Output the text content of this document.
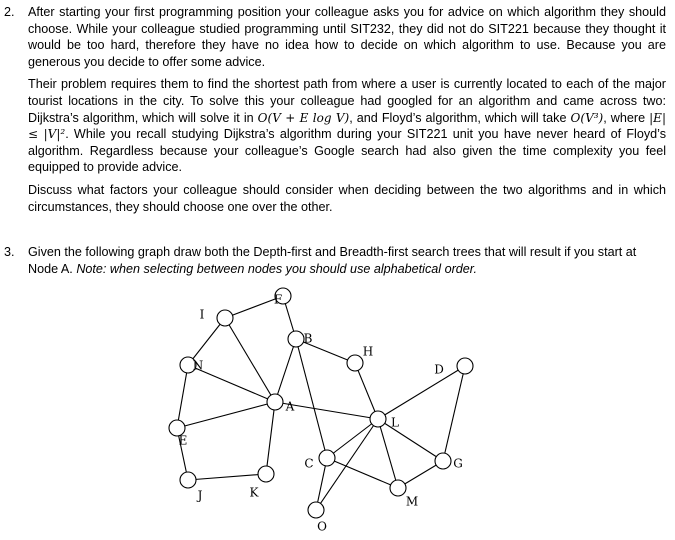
2.	After starting your first programming position your colleague asks you for advice on which algorithm they should choose. While your colleague studied programming until SIT232, they did not do SIT221 because they thought it would be too hard, therefore they have no idea how to decide on which algorithm to use. Because you are generous you decide to offer some advice.

Their problem requires them to find the shortest path from where a user is currently located to each of the major tourist locations in the city. To solve this your colleague had googled for an algorithm and came across two: Dijkstra’s algorithm, which will solve it in O(V + E log V), and Floyd’s algorithm, which will take O(V³), where |E| ≤ |V|². While you recall studying Dijkstra’s algorithm during your SIT221 unit you have never heard of Floyd’s algorithm. Regardless because your colleague’s Google search had also given the time complexity you feel equipped to provide advice.

Discuss what factors your colleague should consider when deciding between the two algorithms and in which circumstances, they should choose one over the other.

3.	Given the following graph draw both the Depth-first and Breadth-first search trees that will result if you start at Node A. Note: when selecting between nodes you should use alphabetical order.

F
I
B
H
N	D
A
L
E
C	G
J	K
M
O
